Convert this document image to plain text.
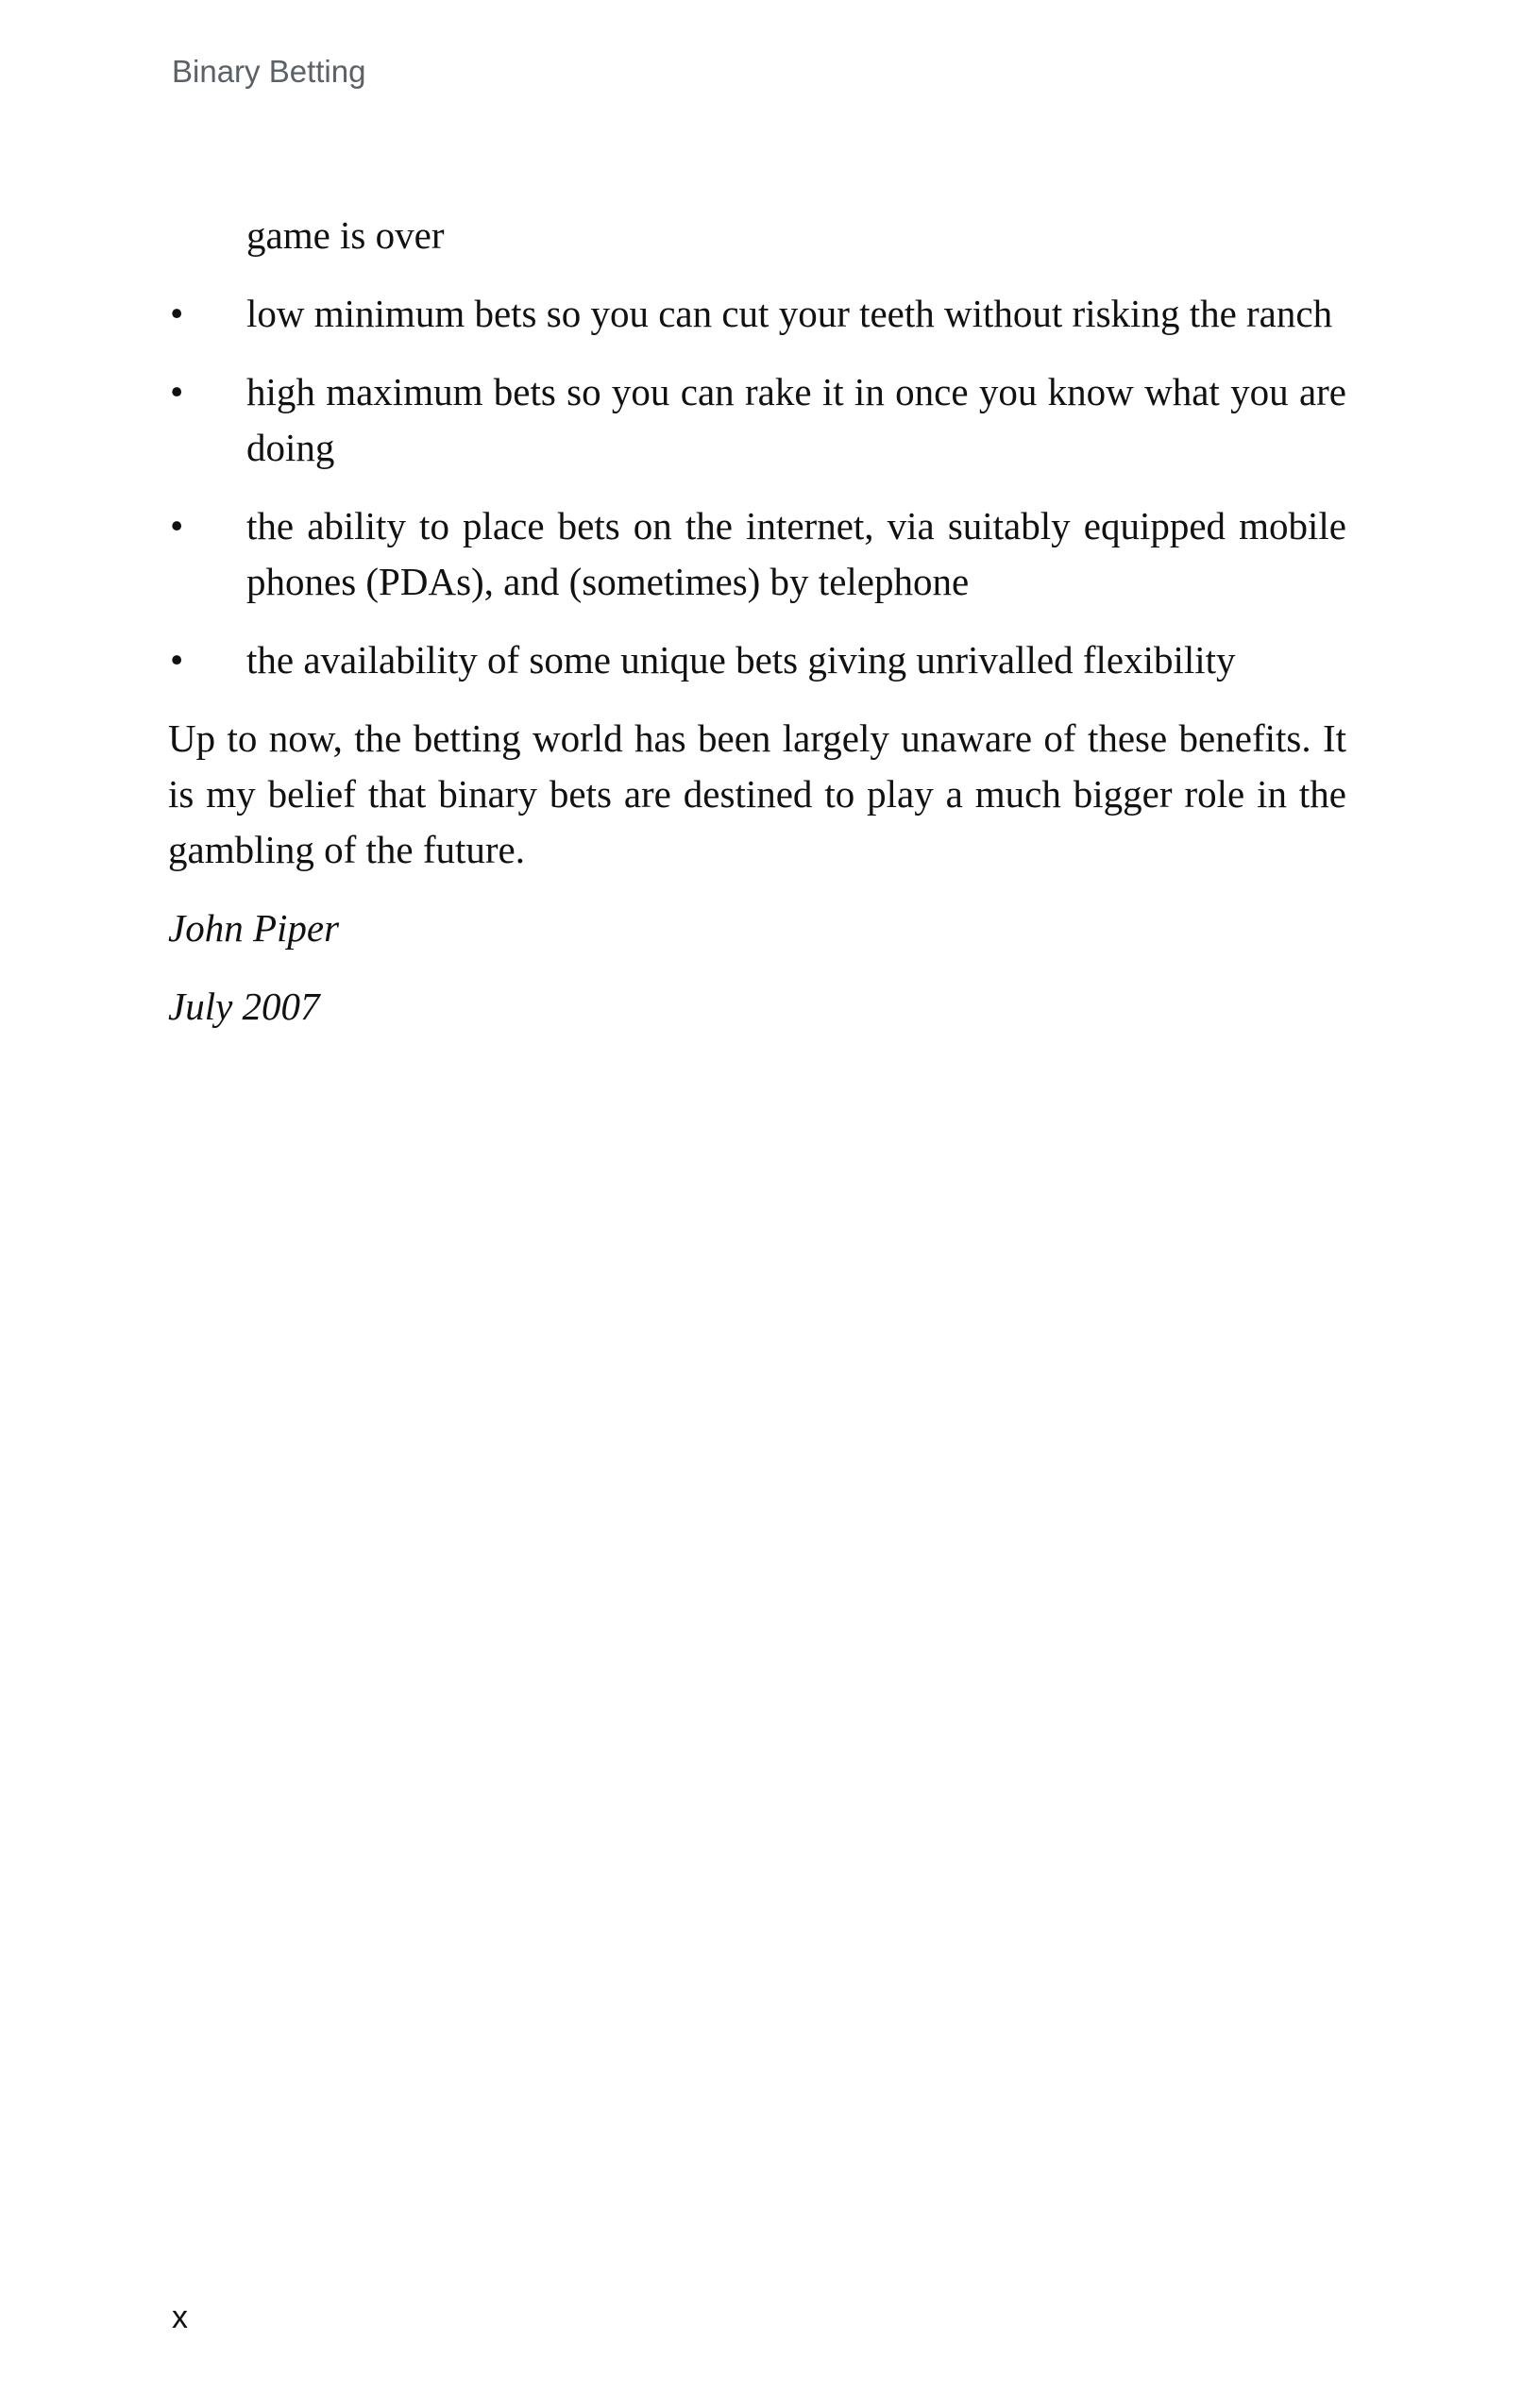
Binary Betting

game is over

• low minimum bets so you can cut your teeth without risking the ranch
• high maximum bets so you can rake it in once you know what you are doing
• the ability to place bets on the internet, via suitably equipped mobile phones (PDAs), and (sometimes) by telephone
• the availability of some unique bets giving unrivalled flexibility

Up to now, the betting world has been largely unaware of these benefits. It is my belief that binary bets are destined to play a much bigger role in the gambling of the future.

John Piper

July 2007

x
